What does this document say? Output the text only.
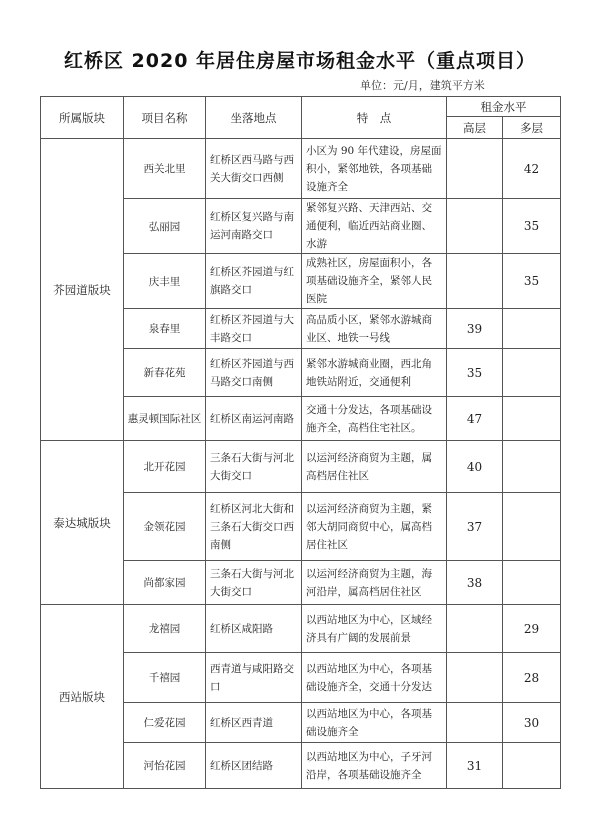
红桥区 2020 年居住房屋市场租金水平（重点项目）
单位：元/月，建筑平方米
所属版块	项目名称	坐落地点	特　点	租金水平	
				高层	多层
芥园道版块	西关北里	红桥区西马路与西关大街交口西侧	小区为 90 年代建设，房屋面积小，紧邻地铁，各项基础设施齐全		42
	弘丽园	红桥区复兴路与南运河南路交口	紧邻复兴路、天津西站、交通便利，临近西站商业圈、水游		35
	庆丰里	红桥区芥园道与红旗路交口	成熟社区，房屋面积小，各项基础设施齐全，紧邻人民医院		35
	泉春里	红桥区芥园道与大丰路交口	高品质小区，紧邻水游城商业区、地铁一号线	39	
	新春花苑	红桥区芥园道与西马路交口南侧	紧邻水游城商业圈，西北角地铁站附近，交通便利	35	
	惠灵顿国际社区	红桥区南运河南路	交通十分发达，各项基础设施齐全，高档住宅社区。	47	
泰达城版块	北开花园	三条石大街与河北大街交口	以运河经济商贸为主题，属高档居住社区	40	
	金领花园	红桥区河北大街和三条石大街交口西南侧	以运河经济商贸为主题，紧邻大胡同商贸中心，属高档居住社区	37	
	尚都家园	三条石大街与河北大街交口	以运河经济商贸为主题，海河沿岸，属高档居住社区	38	
西站版块	龙禧园	红桥区咸阳路	以西站地区为中心，区域经济具有广阔的发展前景		29
	千禧园	西青道与咸阳路交口	以西站地区为中心，各项基础设施齐全，交通十分发达		28
	仁爱花园	红桥区西青道	以西站地区为中心，各项基础设施齐全		30
	河怡花园	红桥区团结路	以西站地区为中心，子牙河沿岸，各项基础设施齐全	31	
